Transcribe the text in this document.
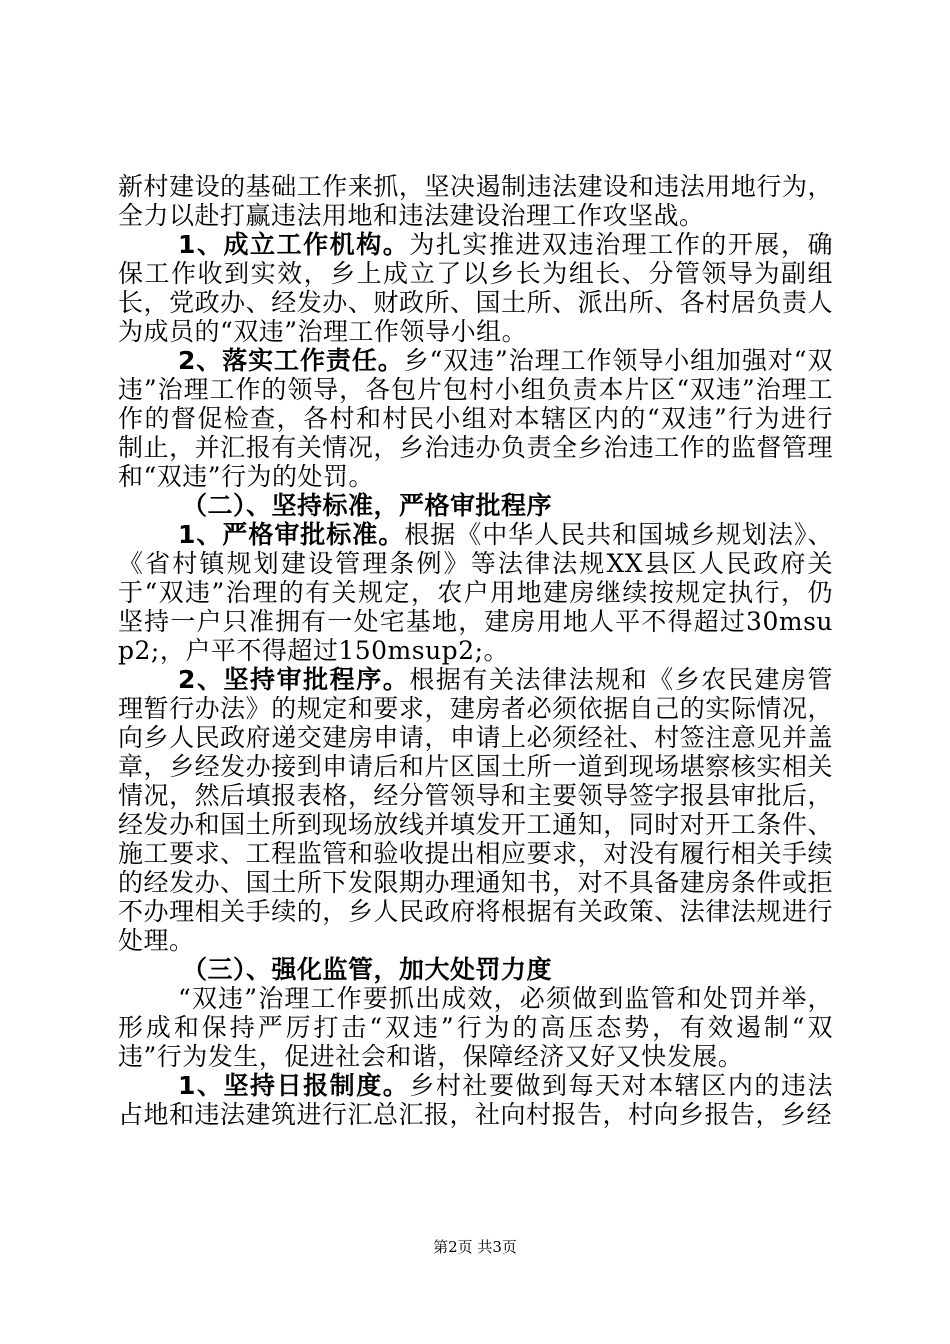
新村建设的基础工作来抓，坚决遏制违法建设和违法用地行为，全力以赴打赢违法用地和违法建设治理工作攻坚战。

1、成立工作机构。为扎实推进双违治理工作的开展，确保工作收到实效，乡上成立了以乡长为组长、分管领导为副组长，党政办、经发办、财政所、国土所、派出所、各村居负责人为成员的“双违”治理工作领导小组。

2、落实工作责任。乡“双违”治理工作领导小组加强对“双违”治理工作的领导，各包片包村小组负责本片区“双违”治理工作的督促检查，各村和村民小组对本辖区内的“双违”行为进行制止，并汇报有关情况，乡治违办负责全乡治违工作的监督管理和“双违”行为的处罚。

（二）、坚持标准，严格审批程序

1、严格审批标准。根据《中华人民共和国城乡规划法》、《省村镇规划建设管理条例》等法律法规XX县区人民政府关于“双违”治理的有关规定，农户用地建房继续按规定执行，仍坚持一户只准拥有一处宅基地，建房用地人平不得超过30msup2;，户平不得超过150msup2;。

2、坚持审批程序。根据有关法律法规和《乡农民建房管理暂行办法》的规定和要求，建房者必须依据自己的实际情况，向乡人民政府递交建房申请，申请上必须经社、村签注意见并盖章，乡经发办接到申请后和片区国土所一道到现场堪察核实相关情况，然后填报表格，经分管领导和主要领导签字报县审批后，经发办和国土所到现场放线并填发开工通知，同时对开工条件、施工要求、工程监管和验收提出相应要求，对没有履行相关手续的经发办、国土所下发限期办理通知书，对不具备建房条件或拒不办理相关手续的，乡人民政府将根据有关政策、法律法规进行处理。

（三）、强化监管，加大处罚力度

“双违”治理工作要抓出成效，必须做到监管和处罚并举，形成和保持严厉打击“双违”行为的高压态势，有效遏制“双违”行为发生，促进社会和谐，保障经济又好又快发展。

1、坚持日报制度。乡村社要做到每天对本辖区内的违法占地和违法建筑进行汇总汇报，社向村报告，村向乡报告，乡经

第2页 共3页
